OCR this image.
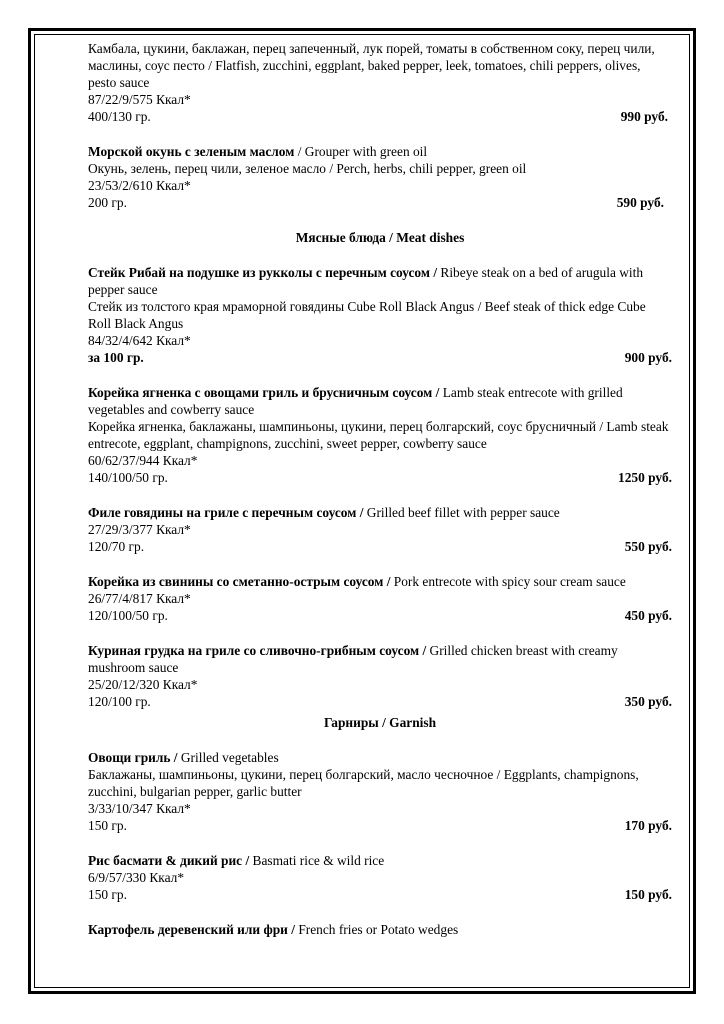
Камбала, цукини, баклажан, перец запеченный, лук порей, томаты в собственном соку, перец чили, маслины, соус песто / Flatfish, zucchini, eggplant, baked pepper, leek, tomatoes, chili peppers, olives, pesto sauce
87/22/9/575 Ккал*
400/130 гр.	990 руб.
Морской окунь с зеленым маслом / Grouper with green oil
Окунь, зелень, перец чили, зеленое масло / Perch, herbs, chili pepper, green oil
23/53/2/610 Ккал*
200 гр.	590 руб.
Мясные блюда / Meat dishes
Стейк Рибай на подушке из рукколы с перечным соусом / Ribeye steak on a bed of arugula with pepper sauce
Стейк из толстого края мраморной говядины Cube Roll Black Angus / Beef steak of thick edge Cube Roll Black Angus
84/32/4/642 Ккал*
за 100 гр.	900 руб.
Корейка ягненка с овощами гриль и брусничным соусом / Lamb steak entrecote with grilled vegetables and cowberry sauce
Корейка ягненка, баклажаны, шампиньоны, цукини, перец болгарский, соус брусничный / Lamb steak entrecote, eggplant, champignons, zucchini, sweet pepper, cowberry sauce
60/62/37/944 Ккал*
140/100/50 гр.	1250 руб.
Филе говядины на гриле с перечным соусом / Grilled beef fillet with pepper sauce
27/29/3/377 Ккал*
120/70 гр.	550 руб.
Корейка из свинины со сметанно-острым соусом / Pork entrecote with spicy sour cream sauce
26/77/4/817 Ккал*
120/100/50 гр.	450 руб.
Куриная грудка на гриле со сливочно-грибным соусом / Grilled chicken breast with creamy mushroom sauce
25/20/12/320 Ккал*
120/100 гр.	350 руб.
Гарниры / Garnish
Овощи гриль / Grilled vegetables
Баклажаны, шампиньоны, цукини, перец болгарский, масло чесночное / Eggplants, champignons, zucchini, bulgarian pepper, garlic butter
3/33/10/347 Ккал*
150 гр.	170 руб.
Рис басмати & дикий рис / Basmati rice & wild rice
6/9/57/330 Ккал*
150 гр.	150 руб.
Картофель деревенский или фри / French fries or Potato wedges
